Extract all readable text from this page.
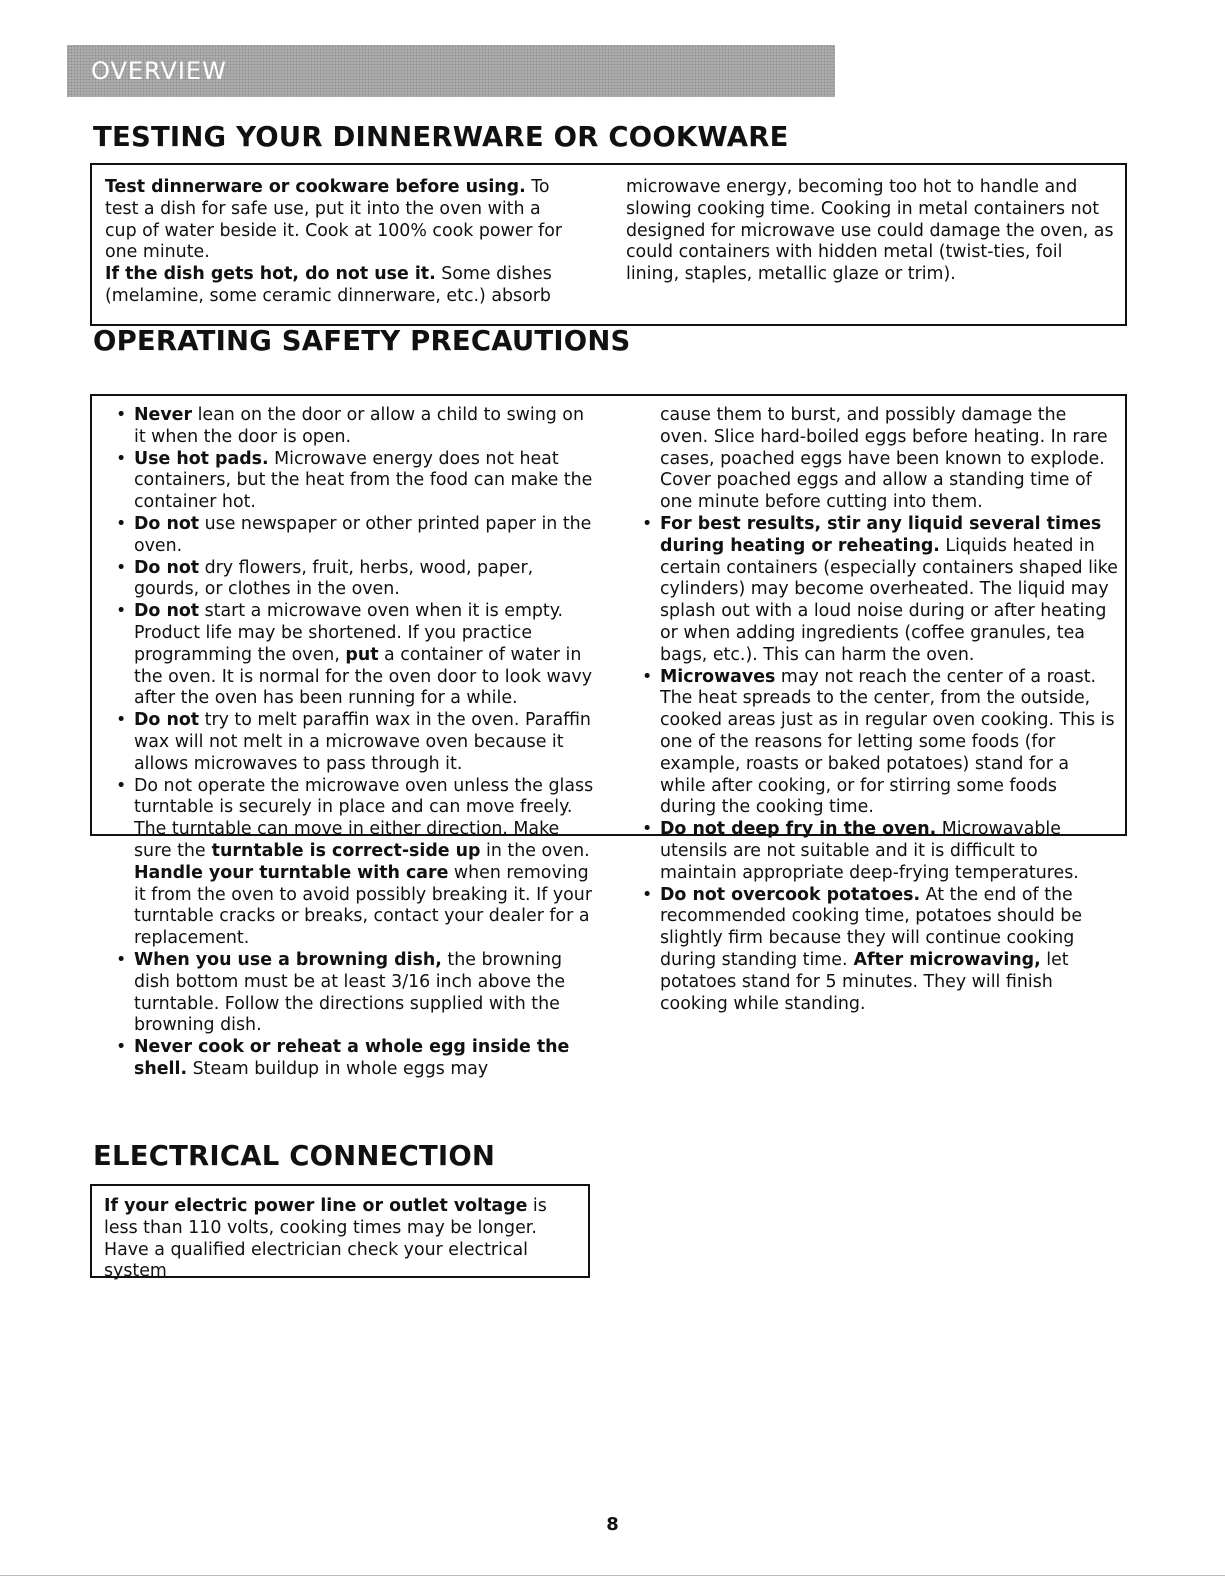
OVERVIEW
TESTING YOUR DINNERWARE OR COOKWARE

Test dinnerware or cookware before using. To test a dish for safe use, put it into the oven with a cup of water beside it. Cook at 100% cook power for one minute.

If the dish gets hot, do not use it. Some dishes (melamine, some ceramic dinnerware, etc.) absorb

microwave energy, becoming too hot to handle and slowing cooking time. Cooking in metal containers not designed for microwave use could damage the oven, as could containers with hidden metal (twist-ties, foil lining, staples, metallic glaze or trim).

OPERATING SAFETY PRECAUTIONS
• Never lean on the door or allow a child to swing on it when the door is open.
• Use hot pads. Microwave energy does not heat containers, but the heat from the food can make the container hot.
• Do not use newspaper or other printed paper in the oven.
• Do not dry flowers, fruit, herbs, wood, paper, gourds, or clothes in the oven.
• Do not start a microwave oven when it is empty. Product life may be shortened. If you practice programming the oven, put a container of water in the oven. It is normal for the oven door to look wavy after the oven has been running for a while.
• Do not try to melt paraffin wax in the oven. Paraffin wax will not melt in a microwave oven because it allows microwaves to pass through it.
• Do not operate the microwave oven unless the glass turntable is securely in place and can move freely. The turntable can move in either direction. Make sure the turntable is correct-side up in the oven. Handle your turntable with care when removing it from the oven to avoid possibly breaking it. If your turntable cracks or breaks, contact your dealer for a replacement.
• When you use a browning dish, the browning dish bottom must be at least 3/16 inch above the turntable. Follow the directions supplied with the browning dish.
• Never cook or reheat a whole egg inside the shell. Steam buildup in whole eggs may
cause them to burst, and possibly damage the oven. Slice hard-boiled eggs before heating. In rare cases, poached eggs have been known to explode. Cover poached eggs and allow a standing time of one minute before cutting into them.
• For best results, stir any liquid several times during heating or reheating. Liquids heated in certain containers (especially containers shaped like cylinders) may become overheated. The liquid may splash out with a loud noise during or after heating or when adding ingredients (coffee granules, tea bags, etc.). This can harm the oven.
• Microwaves may not reach the center of a roast. The heat spreads to the center, from the outside, cooked areas just as in regular oven cooking. This is one of the reasons for letting some foods (for example, roasts or baked potatoes) stand for a while after cooking, or for stirring some foods during the cooking time.
• Do not deep fry in the oven. Microwavable utensils are not suitable and it is difficult to maintain appropriate deep-frying temperatures.
• Do not overcook potatoes. At the end of the recommended cooking time, potatoes should be slightly firm because they will continue cooking during standing time. After microwaving, let potatoes stand for 5 minutes. They will finish cooking while standing.
ELECTRICAL CONNECTION

If your electric power line or outlet voltage is less than 110 volts, cooking times may be longer. Have a qualified electrician check your electrical system

8
